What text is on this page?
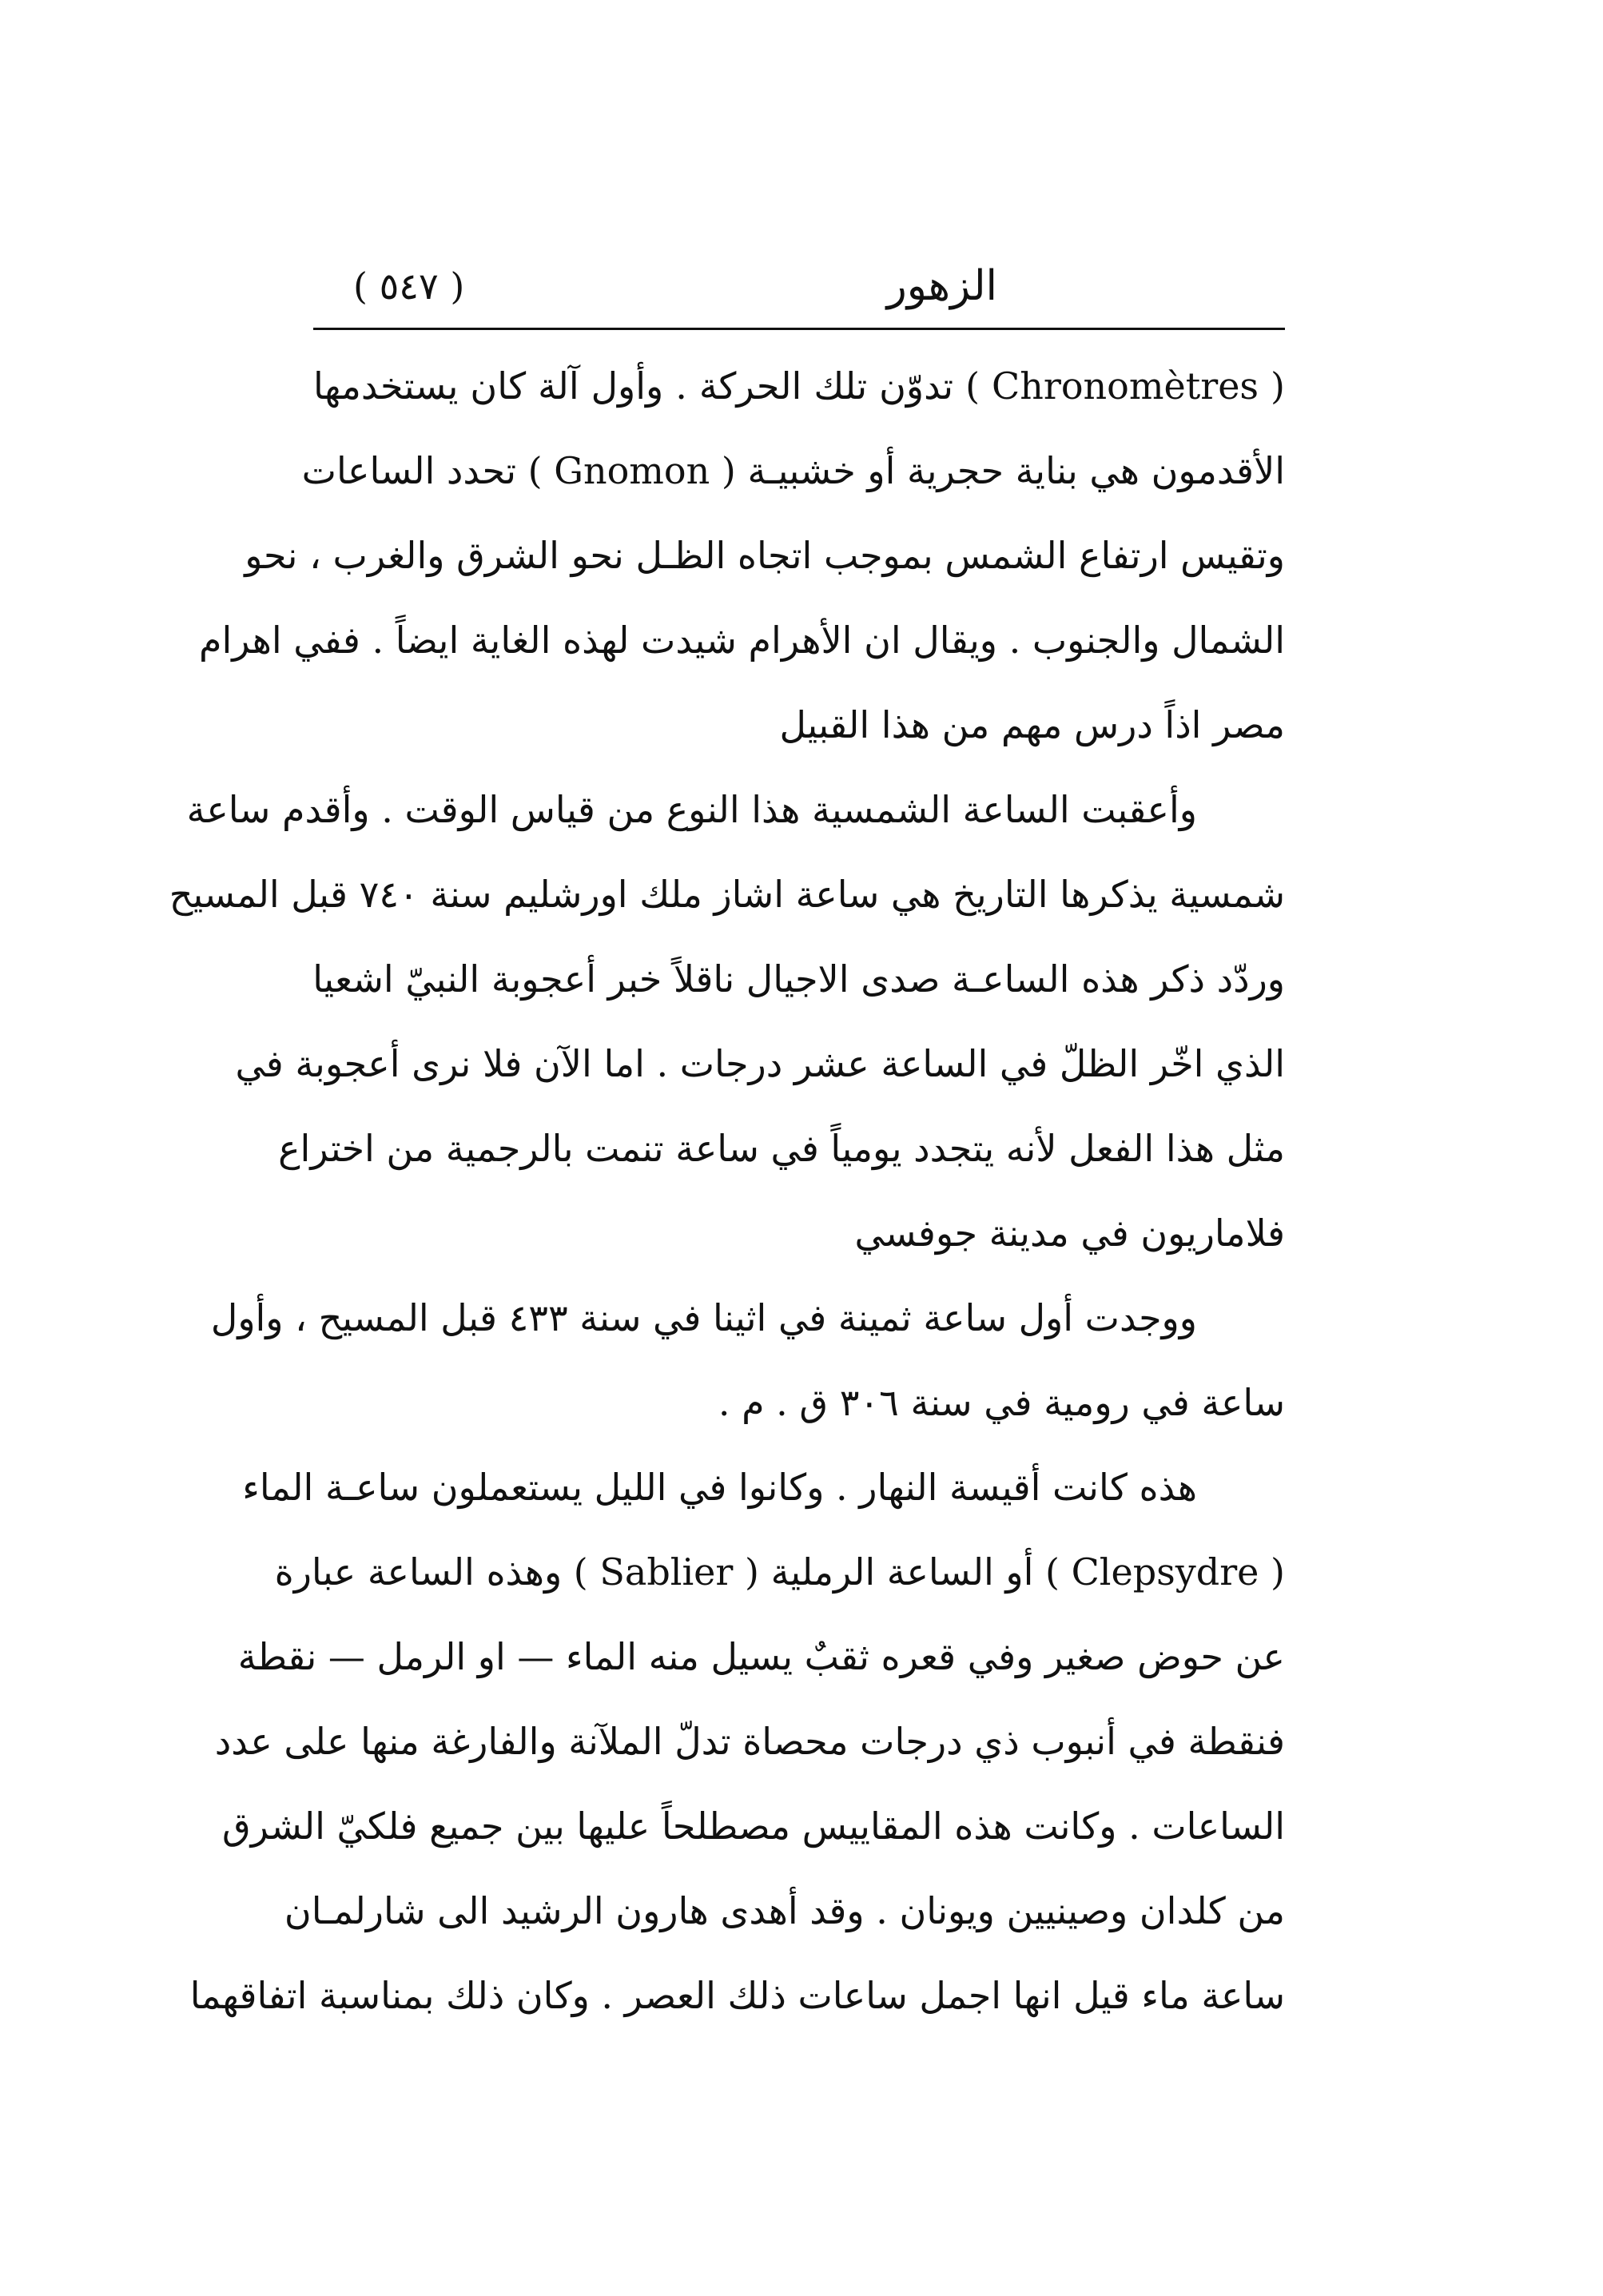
الزهور
( ٥٤٧ )
( Chronomètres ) تدوّن تلك الحركة . وأول آلة كان يستخدمها
الأقدمون هي بناية حجرية أو خشبيـة ( Gnomon ) تحدد الساعات
وتقيس ارتفاع الشمس بموجب اتجاه الظـل نحو الشرق والغرب ، نحو
الشمال والجنوب . ويقال ان الأهرام شيدت لهذه الغاية ايضاً . ففي اهرام
مصر اذاً درس مهم من هذا القبيل
وأعقبت الساعة الشمسية هذا النوع من قياس الوقت . وأقدم ساعة
شمسية يذكرها التاريخ هي ساعة اشاز ملك اورشليم سنة ٧٤٠ قبل المسيح
وردّد ذكر هذه الساعـة صدى الاجيال ناقلاً خبر أعجوبة النبيّ اشعيا
الذي اخّر الظلّ في الساعة عشر درجات . اما الآن فلا نرى أعجوبة في
مثل هذا الفعل لأنه يتجدد يومياً في ساعة تنمت بالرجمية من اختراع
فلاماريون في مدينة جوفسي
ووجدت أول ساعة ثمينة في اثينا في سنة ٤٣٣ قبل المسيح ، وأول
ساعة في رومية في سنة ٣٠٦ ق . م .
هذه كانت أقيسة النهار . وكانوا في الليل يستعملون ساعـة الماء
( Clepsydre ) أو الساعة الرملية ( Sablier ) وهذه الساعة عبارة
عن حوض صغير وفي قعره ثقبٌ يسيل منه الماء — او الرمل — نقطة
فنقطة في أنبوب ذي درجات محصاة تدلّ الملآنة والفارغة منها على عدد
الساعات . وكانت هذه المقاييس مصطلحاً عليها بين جميع فلكيّ الشرق
من كلدان وصينيين ويونان . وقد أهدى هارون الرشيد الى شارلمـان
ساعة ماء قيل انها اجمل ساعات ذلك العصر . وكان ذلك بمناسبة اتفاقهما
